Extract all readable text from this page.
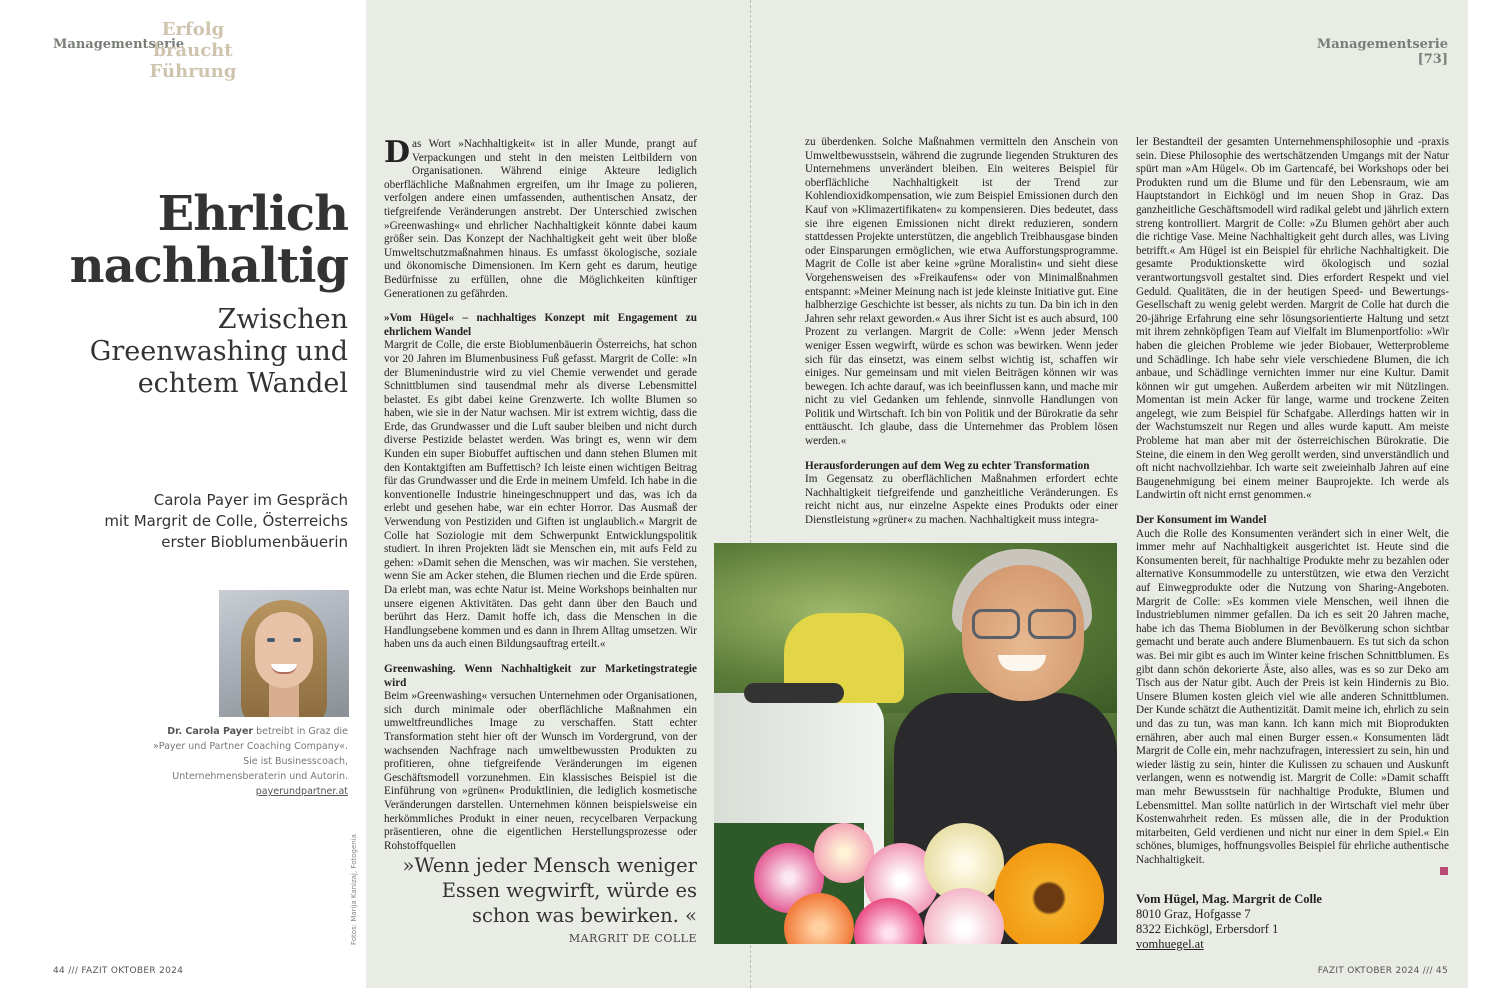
Managementserie
Erfolg
braucht
Führung
Managementserie [73]
Ehrlich
nachhaltig
Zwischen
Greenwashing und
echtem Wandel
Carola Payer im Gespräch
mit Margrit de Colle, Österreichs
erster Bioblumenbäuerin
Dr. Carola Payer betreibt in Graz die »Payer und Partner Coaching Company«. Sie ist Businesscoach, Unternehmensberaterin und Autorin. payerundpartner.at
Fotos: Marija Kanizaj, Fotogenia

Das Wort »Nachhaltigkeit« ist in aller Munde, prangt auf Verpackungen und steht in den meisten Leitbildern von Organisationen. Während einige Akteure lediglich oberflächliche Maßnahmen ergreifen, um ihr Image zu polieren, verfolgen andere einen umfassenden, authentischen Ansatz, der tiefgreifende Veränderungen anstrebt. Der Unterschied zwischen »Greenwashing« und ehrlicher Nachhaltigkeit könnte dabei kaum größer sein. Das Konzept der Nachhaltigkeit geht weit über bloße Umweltschutzmaßnahmen hinaus. Es umfasst ökologische, soziale und ökonomische Dimensionen. Im Kern geht es darum, heutige Bedürfnisse zu erfüllen, ohne die Möglichkeiten künftiger Generationen zu gefährden.

»Vom Hügel« – nachhaltiges Konzept mit Engagement zu ehrlichem Wandel

Margrit de Colle, die erste Bioblumenbäuerin Österreichs, hat schon vor 20 Jahren im Blumenbusiness Fuß gefasst. Margrit de Colle: »In der Blumenindustrie wird zu viel Chemie verwendet und gerade Schnittblumen sind tausendmal mehr als diverse Lebensmittel belastet. Es gibt dabei keine Grenzwerte. Ich wollte Blumen so haben, wie sie in der Natur wachsen. Mir ist extrem wichtig, dass die Erde, das Grundwasser und die Luft sauber bleiben und nicht durch diverse Pestizide belastet werden. Was bringt es, wenn wir dem Kunden ein super Biobuffet auftischen und dann stehen Blumen mit den Kontaktgiften am Buffettisch? Ich leiste einen wichtigen Beitrag für das Grundwasser und die Erde in meinem Umfeld. Ich habe in die konventionelle Industrie hineingeschnuppert und das, was ich da erlebt und gesehen habe, war ein echter Horror. Das Ausmaß der Verwendung von Pestiziden und Giften ist unglaublich.« Margrit de Colle hat Soziologie mit dem Schwerpunkt Entwicklungspolitik studiert. In ihren Projekten lädt sie Menschen ein, mit aufs Feld zu gehen: »Damit sehen die Menschen, was wir machen. Sie verstehen, wenn Sie am Acker stehen, die Blumen riechen und die Erde spüren. Da erlebt man, was echte Natur ist. Meine Workshops beinhalten nur unsere eigenen Aktivitäten. Das geht dann über den Bauch und berührt das Herz. Damit hoffe ich, dass die Menschen in die Handlungsebene kommen und es dann in Ihrem Alltag umsetzen. Wir haben uns da auch einen Bildungsauftrag erteilt.«

Greenwashing. Wenn Nachhaltigkeit zur Marketingstrategie wird

Beim »Greenwashing« versuchen Unternehmen oder Organisationen, sich durch minimale oder oberflächliche Maßnahmen ein umweltfreundliches Image zu verschaffen. Statt echter Transformation steht hier oft der Wunsch im Vordergrund, von der wachsenden Nachfrage nach umweltbewussten Produkten zu profitieren, ohne tiefgreifende Veränderungen im eigenen Geschäftsmodell vorzunehmen. Ein klassisches Beispiel ist die Einführung von »grünen« Produktlinien, die lediglich kosmetische Veränderungen darstellen. Unternehmen können beispielsweise ein herkömmliches Produkt in einer neuen, recycelbaren Verpackung präsentieren, ohne die eigentlichen Herstellungsprozesse oder Rohstoffquellen

»Wenn jeder Mensch weniger Essen wegwirft, würde es schon was bewirken. «
MARGRIT DE COLLE

zu überdenken. Solche Maßnahmen vermitteln den Anschein von Umweltbewusstsein, während die zugrunde liegenden Strukturen des Unternehmens unverändert bleiben. Ein weiteres Beispiel für oberflächliche Nachhaltigkeit ist der Trend zur Kohlendioxidkompensation, wie zum Beispiel Emissionen durch den Kauf von »Klimazertifikaten« zu kompensieren. Dies bedeutet, dass sie ihre eigenen Emissionen nicht direkt reduzieren, sondern stattdessen Projekte unterstützen, die angeblich Treibhausgase binden oder Einsparungen ermöglichen, wie etwa Aufforstungsprogramme. Magrit de Colle ist aber keine »grüne Moralistin« und sieht diese Vorgehensweisen des »Freikaufens« oder von Minimalßnahmen entspannt: »Meiner Meinung nach ist jede kleinste Initiative gut. Eine halbherzige Geschichte ist besser, als nichts zu tun. Da bin ich in den Jahren sehr relaxt geworden.« Aus ihrer Sicht ist es auch absurd, 100 Prozent zu verlangen. Margrit de Colle: »Wenn jeder Mensch weniger Essen wegwirft, würde es schon was bewirken. Wenn jeder sich für das einsetzt, was einem selbst wichtig ist, schaffen wir einiges. Nur gemeinsam und mit vielen Beiträgen können wir was bewegen. Ich achte darauf, was ich beeinflussen kann, und mache mir nicht zu viel Gedanken um fehlende, sinnvolle Handlungen von Politik und Wirtschaft. Ich bin von Politik und der Bürokratie da sehr enttäuscht. Ich glaube, dass die Unternehmer das Problem lösen werden.«

Herausforderungen auf dem Weg zu echter Transformation

Im Gegensatz zu oberflächlichen Maßnahmen erfordert echte Nachhaltigkeit tiefgreifende und ganzheitliche Veränderungen. Es reicht nicht aus, nur einzelne Aspekte eines Produkts oder einer Dienstleistung »grüner« zu machen. Nachhaltigkeit muss integra-

ler Bestandteil der gesamten Unternehmensphilosophie und -praxis sein. Diese Philosophie des wertschätzenden Umgangs mit der Natur spürt man »Am Hügel«. Ob im Gartencafé, bei Workshops oder bei Produkten rund um die Blume und für den Lebensraum, wie am Hauptstandort in Eichkögl und im neuen Shop in Graz. Das ganzheitliche Geschäftsmodell wird radikal gelebt und jährlich extern streng kontrolliert. Margrit de Colle: »Zu Blumen gehört aber auch die richtige Vase. Meine Nachhaltigkeit geht durch alles, was Living betrifft.« Am Hügel ist ein Beispiel für ehrliche Nachhaltigkeit. Die gesamte Produktionskette wird ökologisch und sozial verantwortungsvoll gestaltet sind. Dies erfordert Respekt und viel Geduld. Qualitäten, die in der heutigen Speed- und Bewertungs-Gesellschaft zu wenig gelebt werden. Margrit de Colle hat durch die 20-jährige Erfahrung eine sehr lösungsorientierte Haltung und setzt mit ihrem zehnköpfigen Team auf Vielfalt im Blumenportfolio: »Wir haben die gleichen Probleme wie jeder Biobauer, Wetterprobleme und Schädlinge. Ich habe sehr viele verschiedene Blumen, die ich anbaue, und Schädlinge vernichten immer nur eine Kultur. Damit können wir gut umgehen. Außerdem arbeiten wir mit Nützlingen. Momentan ist mein Acker für lange, warme und trockene Zeiten angelegt, wie zum Beispiel für Schafgabe. Allerdings hatten wir in der Wachstumszeit nur Regen und alles wurde kaputt. Am meiste Probleme hat man aber mit der österreichischen Bürokratie. Die Steine, die einem in den Weg gerollt werden, sind unverständlich und oft nicht nachvollziehbar. Ich warte seit zweieinhalb Jahren auf eine Baugenehmigung bei einem meiner Bauprojekte. Ich werde als Landwirtin oft nicht ernst genommen.«

Der Konsument im Wandel

Auch die Rolle des Konsumenten verändert sich in einer Welt, die immer mehr auf Nachhaltigkeit ausgerichtet ist. Heute sind die Konsumenten bereit, für nachhaltige Produkte mehr zu bezahlen oder alternative Konsummodelle zu unterstützen, wie etwa den Verzicht auf Einwegprodukte oder die Nutzung von Sharing-Angeboten. Margrit de Colle: »Es kommen viele Menschen, weil ihnen die Industrieblumen nimmer gefallen. Da ich es seit 20 Jahren mache, habe ich das Thema Bioblumen in der Bevölkerung schon sichtbar gemacht und berate auch andere Blumenbauern. Es tut sich da schon was. Bei mir gibt es auch im Winter keine frischen Schnittblumen. Es gibt dann schön dekorierte Äste, also alles, was es so zur Deko am Tisch aus der Natur gibt. Auch der Preis ist kein Hindernis zu Bio. Unsere Blumen kosten gleich viel wie alle anderen Schnittblumen. Der Kunde schätzt die Authentizität. Damit meine ich, ehrlich zu sein und das zu tun, was man kann. Ich kann mich mit Bioprodukten ernähren, aber auch mal einen Burger essen.« Konsumenten lädt Margrit de Colle ein, mehr nachzufragen, interessiert zu sein, hin und wieder lästig zu sein, hinter die Kulissen zu schauen und Auskunft verlangen, wenn es notwendig ist. Margrit de Colle: »Damit schafft man mehr Bewusstsein für nachhaltige Produkte, Blumen und Lebensmittel. Man sollte natürlich in der Wirtschaft viel mehr über Kostenwahrheit reden. Es müssen alle, die in der Produktion mitarbeiten, Geld verdienen und nicht nur einer in dem Spiel.« Ein schönes, blumiges, hoffnungsvolles Beispiel für ehrliche authentische Nachhaltigkeit.

Vom Hügel, Mag. Margrit de Colle
8010 Graz, Hofgasse 7
8322 Eichkögl, Erbersdorf 1
vomhuegel.at
44 /// FAZIT OKTOBER 2024	FAZIT OKTOBER 2024 /// 45
